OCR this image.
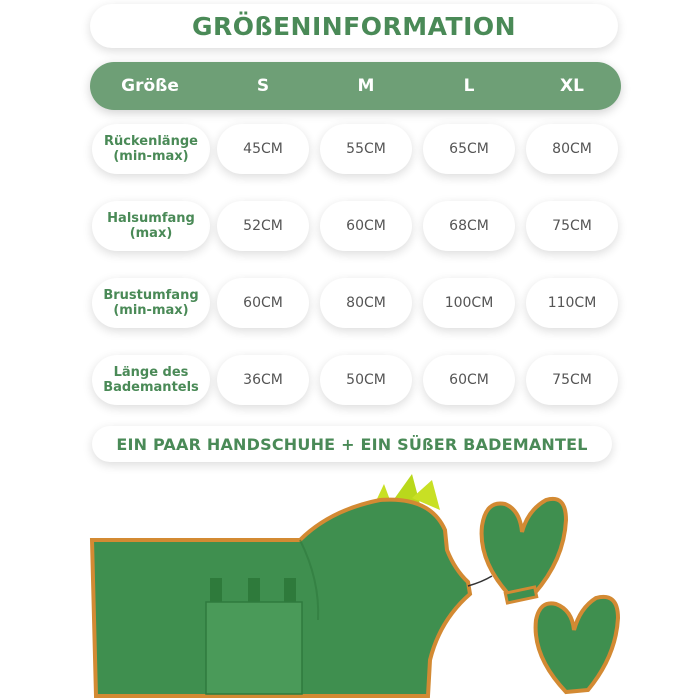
GRÖßENINFORMATION
Größe	S	M	L	XL
Rückenlänge
(min-max)	45CM	55CM	65CM	80CM
Halsumfang
(max)	52CM	60CM	68CM	75CM
Brustumfang
(min-max)	60CM	80CM	100CM	110CM
Länge des
Bademantels	36CM	50CM	60CM	75CM
EIN PAAR HANDSCHUHE + EIN SÜßER BADEMANTEL
